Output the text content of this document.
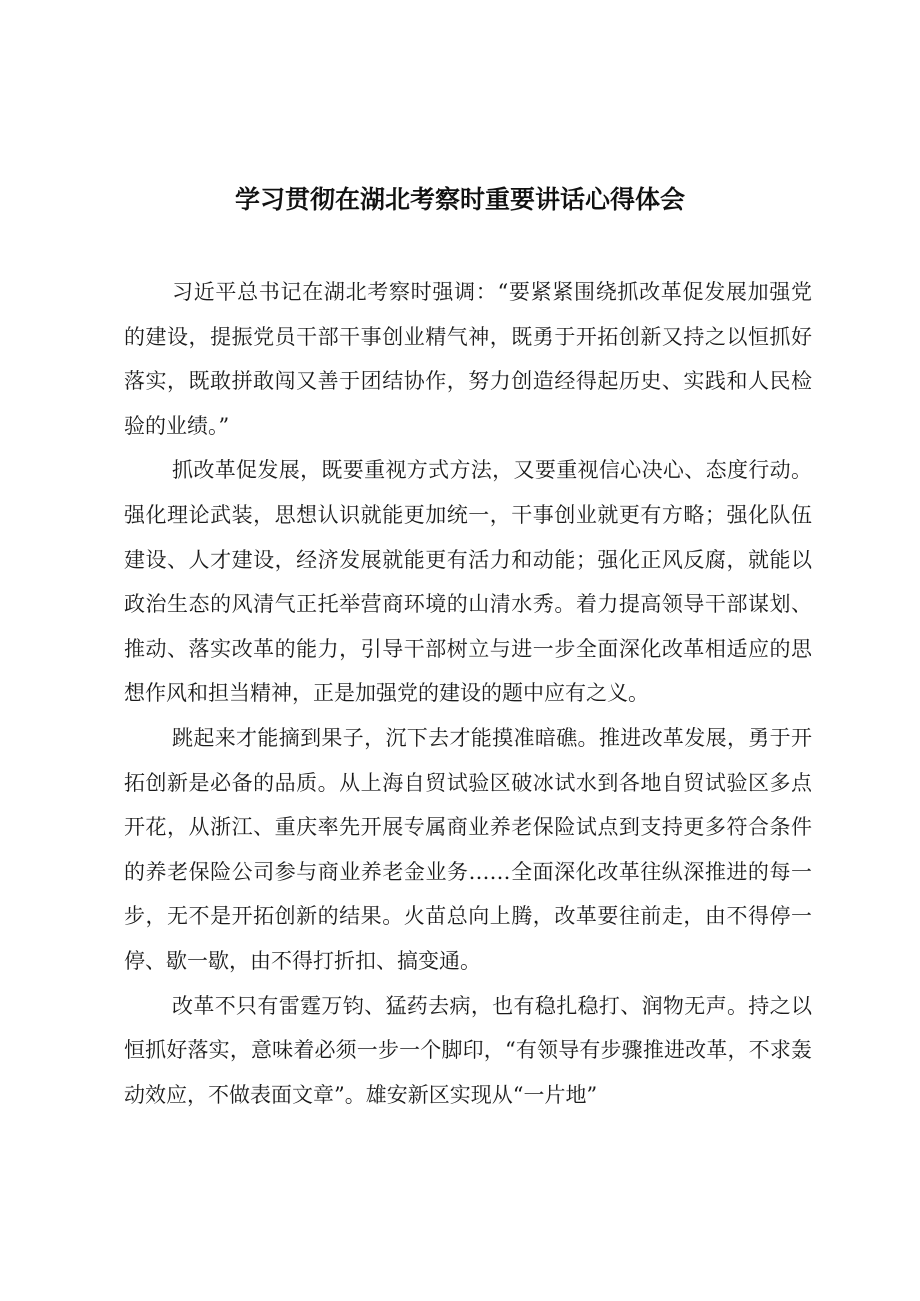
学习贯彻在湖北考察时重要讲话心得体会

习近平总书记在湖北考察时强调：“要紧紧围绕抓改革促发展加强党的建设，提振党员干部干事创业精气神，既勇于开拓创新又持之以恒抓好落实，既敢拼敢闯又善于团结协作，努力创造经得起历史、实践和人民检验的业绩。”

抓改革促发展，既要重视方式方法，又要重视信心决心、态度行动。强化理论武装，思想认识就能更加统一，干事创业就更有方略；强化队伍建设、人才建设，经济发展就能更有活力和动能；强化正风反腐，就能以政治生态的风清气正托举营商环境的山清水秀。着力提高领导干部谋划、推动、落实改革的能力，引导干部树立与进一步全面深化改革相适应的思想作风和担当精神，正是加强党的建设的题中应有之义。

跳起来才能摘到果子，沉下去才能摸准暗礁。推进改革发展，勇于开拓创新是必备的品质。从上海自贸试验区破冰试水到各地自贸试验区多点开花，从浙江、重庆率先开展专属商业养老保险试点到支持更多符合条件的养老保险公司参与商业养老金业务……全面深化改革往纵深推进的每一步，无不是开拓创新的结果。火苗总向上腾，改革要往前走，由不得停一停、歇一歇，由不得打折扣、搞变通。

改革不只有雷霆万钧、猛药去病，也有稳扎稳打、润物无声。持之以恒抓好落实，意味着必须一步一个脚印，“有领导有步骤推进改革，不求轰动效应，不做表面文章”。雄安新区实现从“一片地”
